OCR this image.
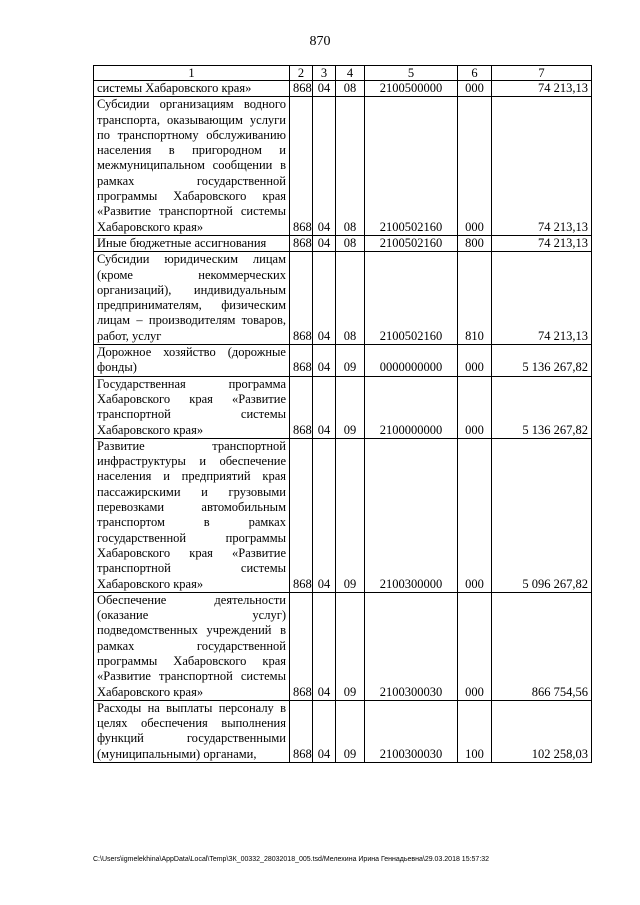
870
1	2	3	4	5	6	7
системы Хабаровского края»	868	04	08	2100500000	000	74 213,13
Субсидии организациям водного транспорта, оказывающим услуги по транспортному обслуживанию населения в пригородном и межмуниципальном сообщении в рамках государственной программы Хабаровского края «Развитие транспортной системы Хабаровского края»	868	04	08	2100502160	000	74 213,13
Иные бюджетные ассигнования	868	04	08	2100502160	800	74 213,13
Субсидии юридическим лицам (кроме некоммерческих организаций), индивидуальным предпринимателям, физическим лицам – производителям товаров, работ, услуг	868	04	08	2100502160	810	74 213,13
Дорожное хозяйство (дорожные фонды)	868	04	09	0000000000	000	5 136 267,82
Государственная программа Хабаровского края «Развитие транспортной системы Хабаровского края»	868	04	09	2100000000	000	5 136 267,82
Развитие транспортной инфраструктуры и обеспечение населения и предприятий края пассажирскими и грузовыми перевозками автомобильным транспортом в рамках государственной программы Хабаровского края «Развитие транспортной системы Хабаровского края»	868	04	09	2100300000	000	5 096 267,82
Обеспечение деятельности (оказание услуг) подведомственных учреждений в рамках государственной программы Хабаровского края «Развитие транспортной системы Хабаровского края»	868	04	09	2100300030	000	866 754,56
Расходы на выплаты персоналу в целях обеспечения выполнения функций государственными (муниципальными) органами,	868	04	09	2100300030	100	102 258,03
C:\Users\igmelekhina\AppData\Local\Temp\ЗК_00332_28032018_005.tsd/Мелехина Ирина Геннадьевна\29.03.2018 15:57:32
